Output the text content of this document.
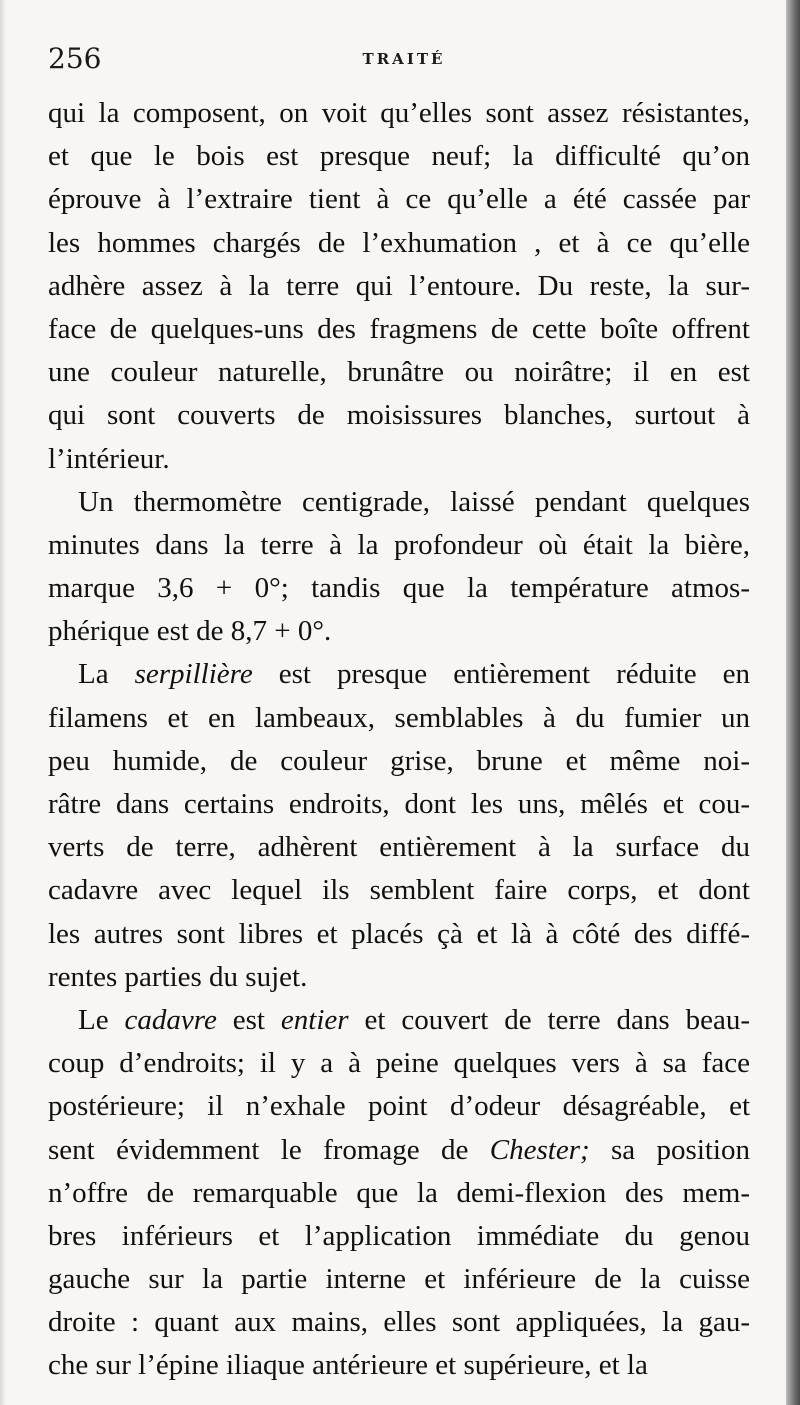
256	TRAITÉ
qui la composent, on voit qu’elles sont assez résistantes,
et que le bois est presque neuf; la difficulté qu’on
éprouve à l’extraire tient à ce qu’elle a été cassée par
les hommes chargés de l’exhumation , et à ce qu’elle
adhère assez à la terre qui l’entoure. Du reste, la sur-
face de quelques-uns des fragmens de cette boîte offrent
une couleur naturelle, brunâtre ou noirâtre; il en est
qui sont couverts de moisissures blanches, surtout à
l’intérieur.
Un thermomètre centigrade, laissé pendant quelques
minutes dans la terre à la profondeur où était la bière,
marque 3,6 + 0°; tandis que la température atmos-
phérique est de 8,7 + 0°.
La serpillière est presque entièrement réduite en
filamens et en lambeaux, semblables à du fumier un
peu humide, de couleur grise, brune et même noi-
râtre dans certains endroits, dont les uns, mêlés et cou-
verts de terre, adhèrent entièrement à la surface du
cadavre avec lequel ils semblent faire corps, et dont
les autres sont libres et placés çà et là à côté des diffé-
rentes parties du sujet.
Le cadavre est entier et couvert de terre dans beau-
coup d’endroits; il y a à peine quelques vers à sa face
postérieure; il n’exhale point d’odeur désagréable, et
sent évidemment le fromage de Chester; sa position
n’offre de remarquable que la demi-flexion des mem-
bres inférieurs et l’application immédiate du genou
gauche sur la partie interne et inférieure de la cuisse
droite : quant aux mains, elles sont appliquées, la gau-
che sur l’épine iliaque antérieure et supérieure, et la
